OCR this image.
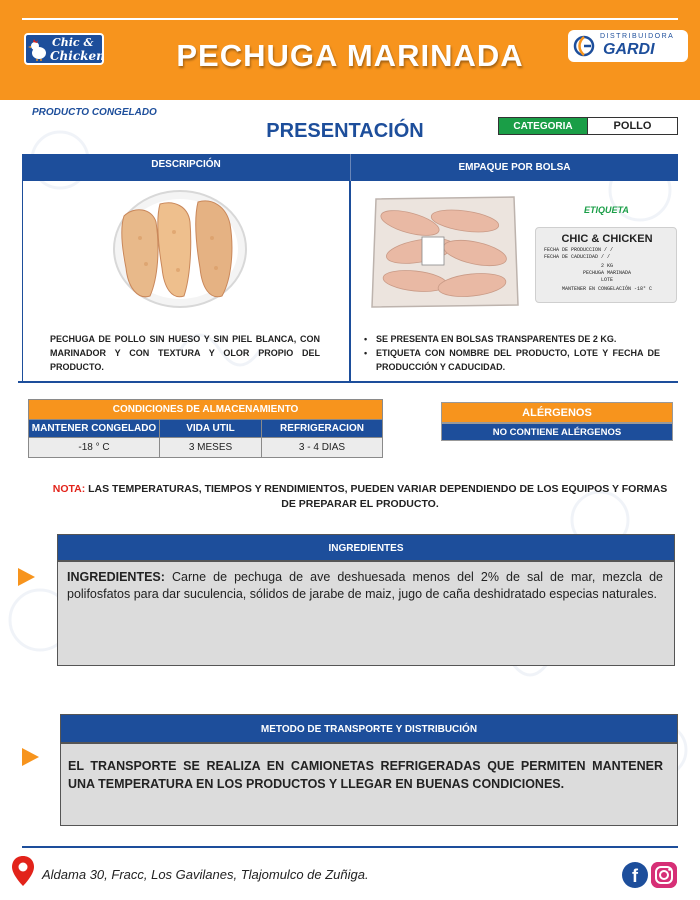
Chic &
Chicken	PECHUGA MARINADA
DISTRIBUIDORA
GARDI
PRODUCTO CONGELADO
PRESENTACIÓN	CATEGORIA	POLLO
DESCRIPCIÓN	EMPAQUE POR BOLSA
ETIQUETA
CHIC & CHICKEN
FECHA DE PRODUCCION / /
FECHA DE CADUCIDAD / /
2 KG
PECHUGA MARINADA
LOTE
MANTENER EN CONGELACIÓN -18° C
PECHUGA DE POLLO SIN HUESO Y SIN PIEL BLANCA, CON MARINADOR Y CON TEXTURA Y OLOR PROPIO DEL PRODUCTO.
• SE PRESENTA EN BOLSAS TRANSPARENTES DE 2 KG.
• ETIQUETA CON NOMBRE DEL PRODUCTO, LOTE Y FECHA DE PRODUCCIÓN Y CADUCIDAD.
CONDICIONES DE ALMACENAMIENTO		
MANTENER CONGELADO	VIDA UTIL	REFRIGERACION
-18 ° C	3 MESES	3 - 4 DIAS
ALÉRGENOS
NO CONTIENE ALÉRGENOS
NOTA: LAS TEMPERATURAS, TIEMPOS Y RENDIMIENTOS, PUEDEN VARIAR DEPENDIENDO DE LOS EQUIPOS Y FORMAS DE PREPARAR EL PRODUCTO.
INGREDIENTES
INGREDIENTES: Carne de pechuga de ave deshuesada menos del 2% de sal de mar, mezcla de polifosfatos para dar suculencia, sólidos de jarabe de maiz, jugo de caña deshidratado especias naturales.
METODO DE TRANSPORTE Y DISTRIBUCIÓN
EL TRANSPORTE SE REALIZA EN CAMIONETAS REFRIGERADAS QUE PERMITEN MANTENER UNA TEMPERATURA EN LOS PRODUCTOS Y LLEGAR EN BUENAS CONDICIONES.
Aldama 30, Fracc, Los Gavilanes, Tlajomulco de Zuñiga.	f
